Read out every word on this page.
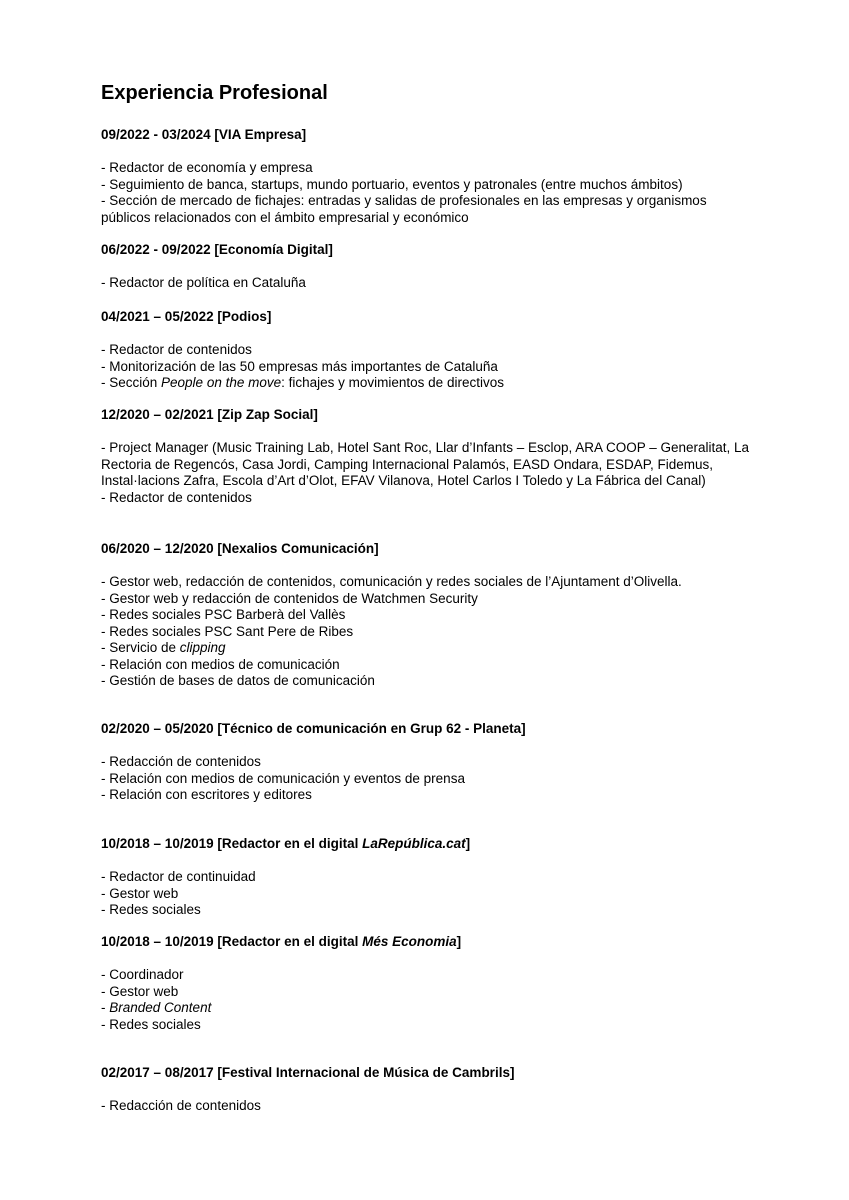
Experiencia Profesional

09/2022 - 03/2024 [VIA Empresa]

- Redactor de economía y empresa
- Seguimiento de banca, startups, mundo portuario, eventos y patronales (entre muchos ámbitos)
- Sección de mercado de fichajes: entradas y salidas de profesionales en las empresas y organismos públicos relacionados con el ámbito empresarial y económico

06/2022 - 09/2022 [Economía Digital]

- Redactor de política en Cataluña

04/2021 – 05/2022 [Podios]

- Redactor de contenidos
- Monitorización de las 50 empresas más importantes de Cataluña
- Sección People on the move: fichajes y movimientos de directivos

12/2020 – 02/2021 [Zip Zap Social]

- Project Manager (Music Training Lab, Hotel Sant Roc, Llar d’Infants – Esclop, ARA COOP – Generalitat, La Rectoria de Regencós, Casa Jordi, Camping Internacional Palamós, EASD Ondara, ESDAP, Fidemus, Instal·lacions Zafra, Escola d’Art d’Olot, EFAV Vilanova, Hotel Carlos I Toledo y La Fábrica del Canal)
- Redactor de contenidos

06/2020 – 12/2020 [Nexalios Comunicación]

- Gestor web, redacción de contenidos, comunicación y redes sociales de l’Ajuntament d’Olivella.
- Gestor web y redacción de contenidos de Watchmen Security
- Redes sociales PSC Barberà del Vallès
- Redes sociales PSC Sant Pere de Ribes
- Servicio de clipping
- Relación con medios de comunicación
- Gestión de bases de datos de comunicación

02/2020 – 05/2020 [Técnico de comunicación en Grup 62 - Planeta]

- Redacción de contenidos
- Relación con medios de comunicación y eventos de prensa
- Relación con escritores y editores

10/2018 – 10/2019 [Redactor en el digital LaRepública.cat]

- Redactor de continuidad
- Gestor web
- Redes sociales

10/2018 – 10/2019 [Redactor en el digital Més Economia]

- Coordinador
- Gestor web
- Branded Content
- Redes sociales

02/2017 – 08/2017 [Festival Internacional de Música de Cambrils]

- Redacción de contenidos
